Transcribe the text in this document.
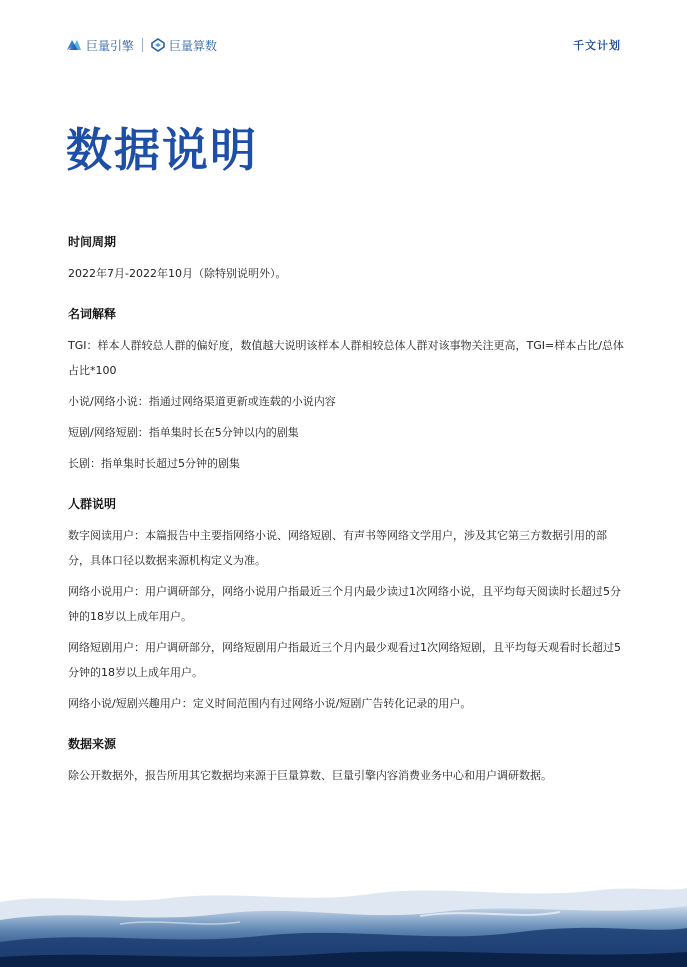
巨量引擎	巨量算数	千文计划
数据说明
时间周期

2022年7月-2022年10月（除特别说明外）。

名词解释

TGI：样本人群较总人群的偏好度，数值越大说明该样本人群相较总体人群对该事物关注更高，TGI=样本占比/总体占比*100

小说/网络小说：指通过网络渠道更新或连载的小说内容

短剧/网络短剧：指单集时长在5分钟以内的剧集

长剧：指单集时长超过5分钟的剧集

人群说明

数字阅读用户：本篇报告中主要指网络小说、网络短剧、有声书等网络文学用户，涉及其它第三方数据引用的部分，具体口径以数据来源机构定义为准。

网络小说用户：用户调研部分，网络小说用户指最近三个月内最少读过1次网络小说，且平均每天阅读时长超过5分钟的18岁以上成年用户。

网络短剧用户：用户调研部分，网络短剧用户指最近三个月内最少观看过1次网络短剧，且平均每天观看时长超过5分钟的18岁以上成年用户。

网络小说/短剧兴趣用户：定义时间范围内有过网络小说/短剧广告转化记录的用户。

数据来源

除公开数据外，报告所用其它数据均来源于巨量算数、巨量引擎内容消费业务中心和用户调研数据。
